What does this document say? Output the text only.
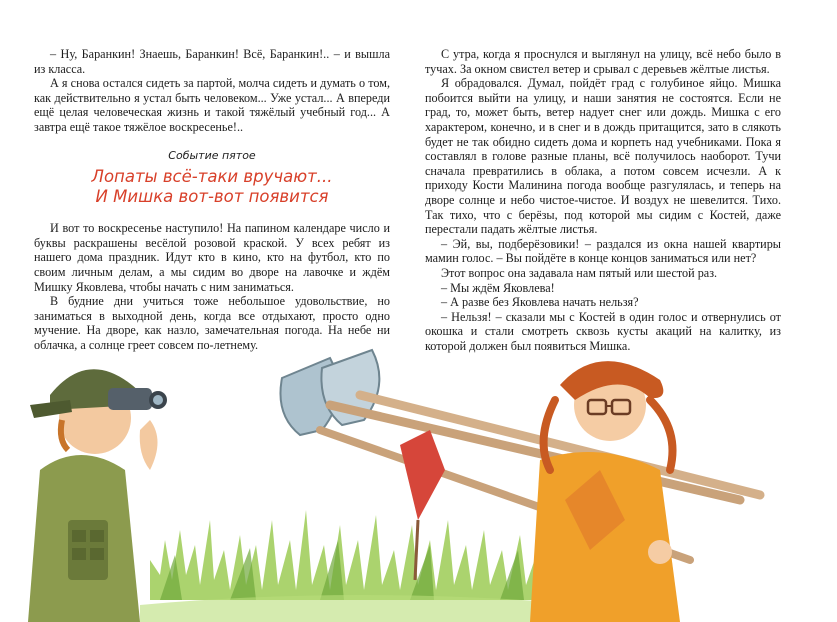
– Ну, Баранкин! Знаешь, Баранкин! Всё, Баранкин!.. – и вышла из класса.

А я снова остался сидеть за партой, молча сидеть и думать о том, как действительно я устал быть человеком... Уже устал... А впереди ещё целая человеческая жизнь и такой тяжёлый учебный год... А завтра ещё такое тяжёлое воскресенье!..

Событие пятое
Лопаты всё-таки вручают...
И Мишка вот-вот появится

И вот то воскресенье наступило! На папином календаре число и буквы раскрашены весёлой розовой краской. У всех ребят из нашего дома праздник. Идут кто в кино, кто на футбол, кто по своим личным делам, а мы сидим во дворе на лавочке и ждём Мишку Яковлева, чтобы начать с ним заниматься.

В будние дни учиться тоже небольшое удовольствие, но заниматься в выходной день, когда все отдыхают, просто одно мучение. На дворе, как назло, замечательная погода. На небе ни облачка, а солнце греет совсем по-летнему.

С утра, когда я проснулся и выглянул на улицу, всё небо было в тучах. За окном свистел ветер и срывал с деревьев жёлтые листья.

Я обрадовался. Думал, пойдёт град с голубиное яйцо. Мишка побоится выйти на улицу, и наши занятия не состоятся. Если не град, то, может быть, ветер надует снег или дождь. Мишка с его характером, конечно, и в снег и в дождь притащится, зато в слякоть будет не так обидно сидеть дома и корпеть над учебниками. Пока я составлял в голове разные планы, всё получилось наоборот. Тучи сначала превратились в облака, а потом совсем исчезли. А к приходу Кости Малинина погода вообще разгулялась, и теперь на дворе солнце и небо чистое-чистое. И воздух не шевелится. Тихо. Так тихо, что с берёзы, под которой мы сидим с Костей, даже перестали падать жёлтые листья.

– Эй, вы, подберёзовики! – раздался из окна нашей квартиры мамин голос. – Вы пойдёте в конце концов заниматься или нет?

Этот вопрос она задавала нам пятый или шестой раз.

– Мы ждём Яковлева!

– А разве без Яковлева начать нельзя?

– Нельзя! – сказали мы с Костей в один голос и отвернулись от окошка и стали смотреть сквозь кусты акаций на калитку, из которой должен был появиться Мишка.
